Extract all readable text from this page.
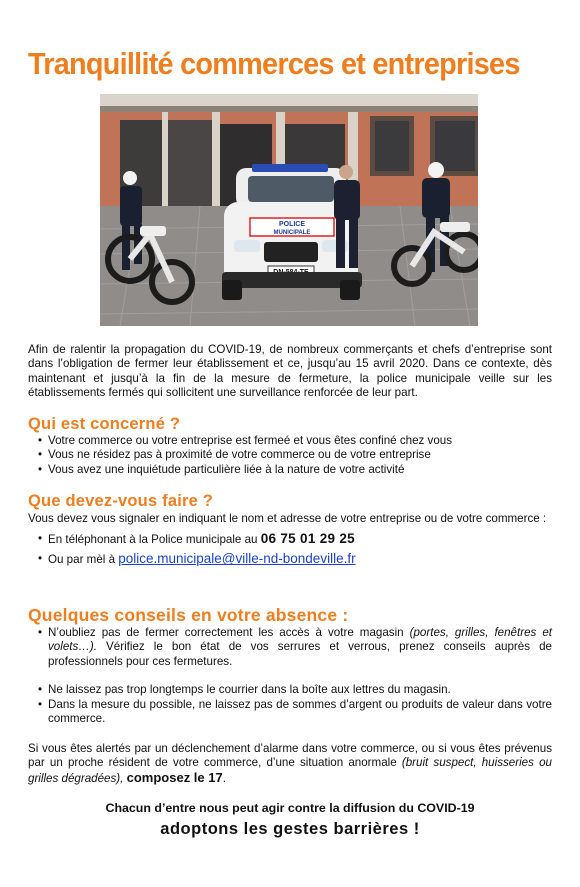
Tranquillité commerces et entreprises
POLICE
MUNICIPALE

Afin de ralentir la propagation du COVID-19, de nombreux commerçants et chefs d’entreprise sont dans l’obligation de fermer leur établissement et ce, jusqu’au 15 avril 2020. Dans ce contexte, dès maintenant et jusqu’à la fin de la mesure de fermeture, la police municipale veille sur les établissements fermés qui sollicitent une surveillance renforcée de leur part.

Qui est concerné ?
• Votre commerce ou votre entreprise est fermeé et vous êtes confiné chez vous
• Vous ne résidez pas à proximité de votre commerce ou de votre entreprise
• Vous avez une inquiétude particulière liée à la nature de votre activité
Que devez-vous faire ?

Vous devez vous signaler en indiquant le nom et adresse de votre entreprise ou de votre commerce :

• En téléphonant à la Police municipale au 06 75 01 29 25
• Ou par mèl à police.municipale@ville-nd-bondeville.fr
Quelques conseils en votre absence :
• N’oubliez pas de fermer correctement les accès à votre magasin (portes, grilles, fenêtres et volets…). Vérifiez le bon état de vos serrures et verrous, prenez conseils auprès de professionnels pour ces fermetures.
• Ne laissez pas trop longtemps le courrier dans la boîte aux lettres du magasin.
• Dans la mesure du possible, ne laissez pas de sommes d’argent ou produits de valeur dans votre commerce.

Si vous êtes alertés par un déclenchement d’alarme dans votre commerce, ou si vous êtes prévenus par un proche résident de votre commerce, d’une situation anormale (bruit suspect, huisseries ou grilles dégradées), composez le 17.

Chacun d’entre nous peut agir contre la diffusion du COVID-19

adoptons les gestes barrières !
